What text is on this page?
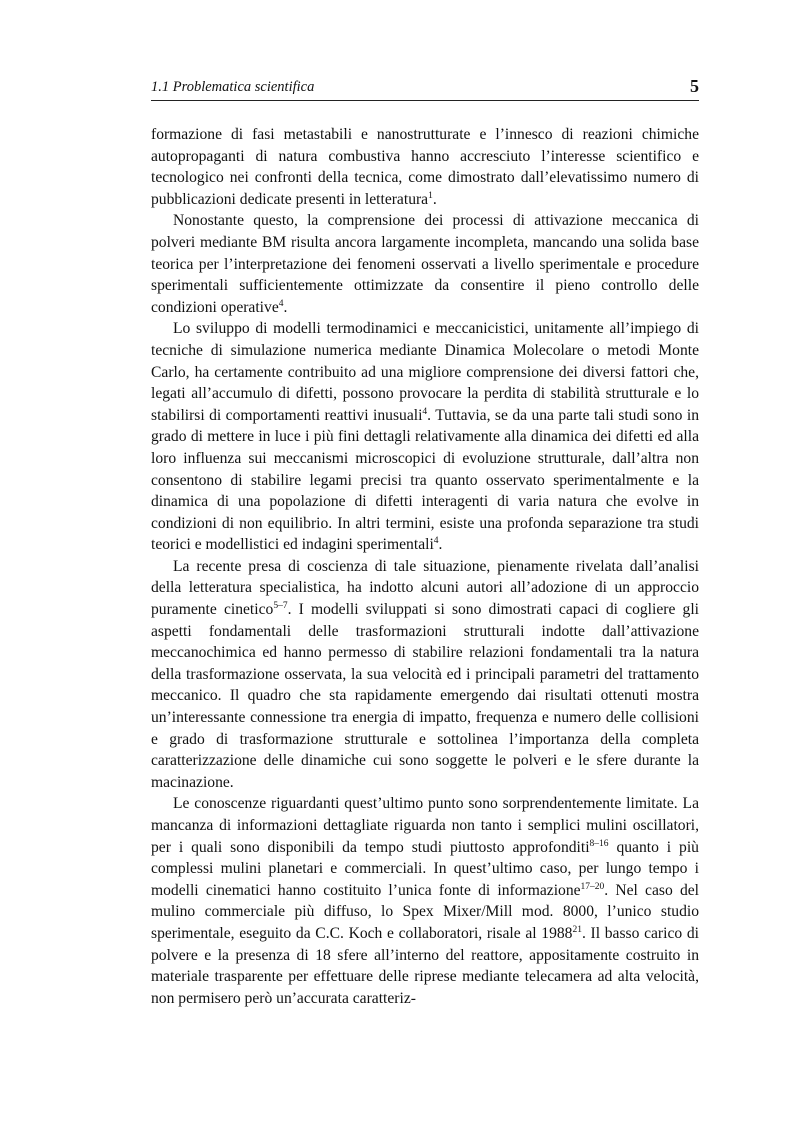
1.1 Problematica scientifica	5

formazione di fasi metastabili e nanostrutturate e l’innesco di reazioni chimiche autopropaganti di natura combustiva hanno accresciuto l’interesse scientifico e tecnologico nei confronti della tecnica, come dimostrato dall’elevatissimo numero di pubblicazioni dedicate presenti in letteratura$^1$.

Nonostante questo, la comprensione dei processi di attivazione meccanica di polveri mediante BM risulta ancora largamente incompleta, mancando una solida base teorica per l’interpretazione dei fenomeni osservati a livello sperimentale e procedure sperimentali sufficientemente ottimizzate da consentire il pieno controllo delle condizioni operative$^4$.

Lo sviluppo di modelli termodinamici e meccanicistici, unitamente all’impiego di tecniche di simulazione numerica mediante Dinamica Molecolare o metodi Monte Carlo, ha certamente contribuito ad una migliore comprensione dei diversi fattori che, legati all’accumulo di difetti, possono provocare la perdita di stabilità strutturale e lo stabilirsi di comportamenti reattivi inusuali$^4$. Tuttavia, se da una parte tali studi sono in grado di mettere in luce i più fini dettagli relativamente alla dinamica dei difetti ed alla loro influenza sui meccanismi microscopici di evoluzione strutturale, dall’altra non consentono di stabilire legami precisi tra quanto osservato sperimentalmente e la dinamica di una popolazione di difetti interagenti di varia natura che evolve in condizioni di non equilibrio. In altri termini, esiste una profonda separazione tra studi teorici e modellistici ed indagini sperimentali$^4$.

La recente presa di coscienza di tale situazione, pienamente rivelata dall’analisi della letteratura specialistica, ha indotto alcuni autori all’adozione di un approccio puramente cinetico$^{5-7}$. I modelli sviluppati si sono dimostrati capaci di cogliere gli aspetti fondamentali delle trasformazioni strutturali indotte dall’attivazione meccanochimica ed hanno permesso di stabilire relazioni fondamentali tra la natura della trasformazione osservata, la sua velocità ed i principali parametri del trattamento meccanico. Il quadro che sta rapidamente emergendo dai risultati ottenuti mostra un’interessante connessione tra energia di impatto, frequenza e numero delle collisioni e grado di trasformazione strutturale e sottolinea l’importanza della completa caratterizzazione delle dinamiche cui sono soggette le polveri e le sfere durante la macinazione.

Le conoscenze riguardanti quest’ultimo punto sono sorprendentemente limitate. La mancanza di informazioni dettagliate riguarda non tanto i semplici mulini oscillatori, per i quali sono disponibili da tempo studi piuttosto approfonditi$^{8-16}$ quanto i più complessi mulini planetari e commerciali. In quest’ultimo caso, per lungo tempo i modelli cinematici hanno costituito l’unica fonte di informazione$^{17-20}$. Nel caso del mulino commerciale più diffuso, lo Spex Mixer/Mill mod. 8000, l’unico studio sperimentale, eseguito da C.C. Koch e collaboratori, risale al 1988$^{21}$. Il basso carico di polvere e la presenza di 18 sfere all’interno del reattore, appositamente costruito in materiale trasparente per effettuare delle riprese mediante telecamera ad alta velocità, non permisero però un’accurata caratteriz-
